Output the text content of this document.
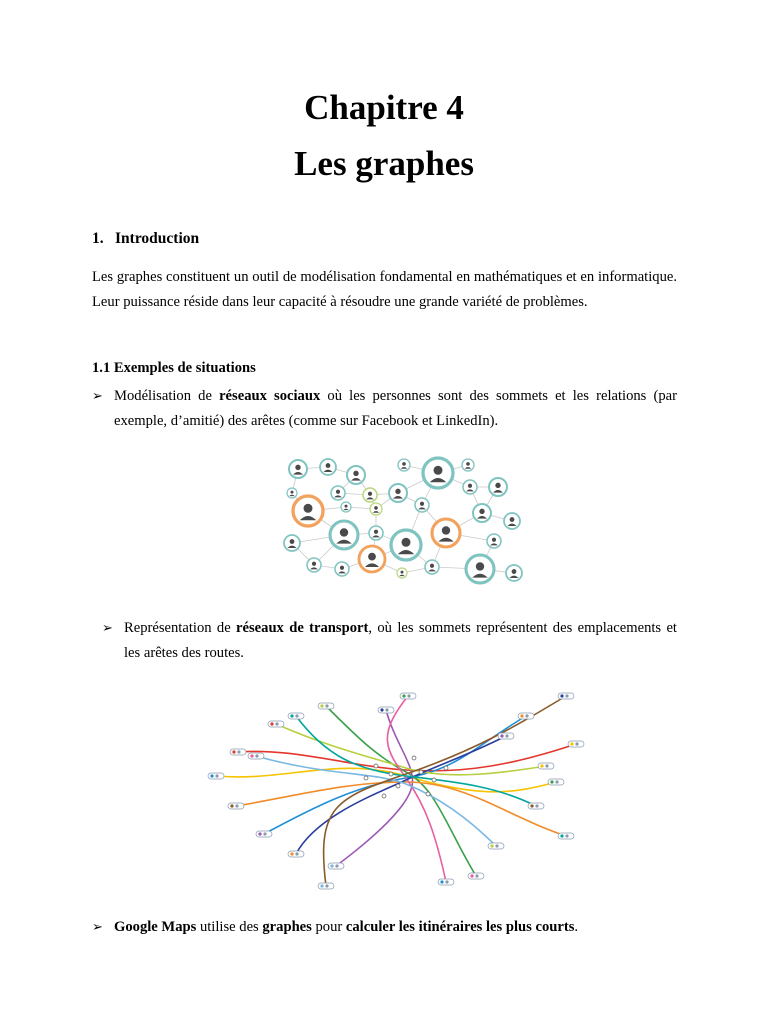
Chapitre 4
Les graphes
1. Introduction
Les graphes constituent un outil de modélisation fondamental en mathématiques et en informatique. Leur puissance réside dans leur capacité à résoudre une grande variété de problèmes.
1.1 Exemples de situations
➢ Modélisation de réseaux sociaux où les personnes sont des sommets et les relations (par exemple, d’amitié) des arêtes (comme sur Facebook et LinkedIn).
➢ Représentation de réseaux de transport, où les sommets représentent des emplacements et les arêtes des routes.
➢ Google Maps utilise des graphes pour calculer les itinéraires les plus courts.
